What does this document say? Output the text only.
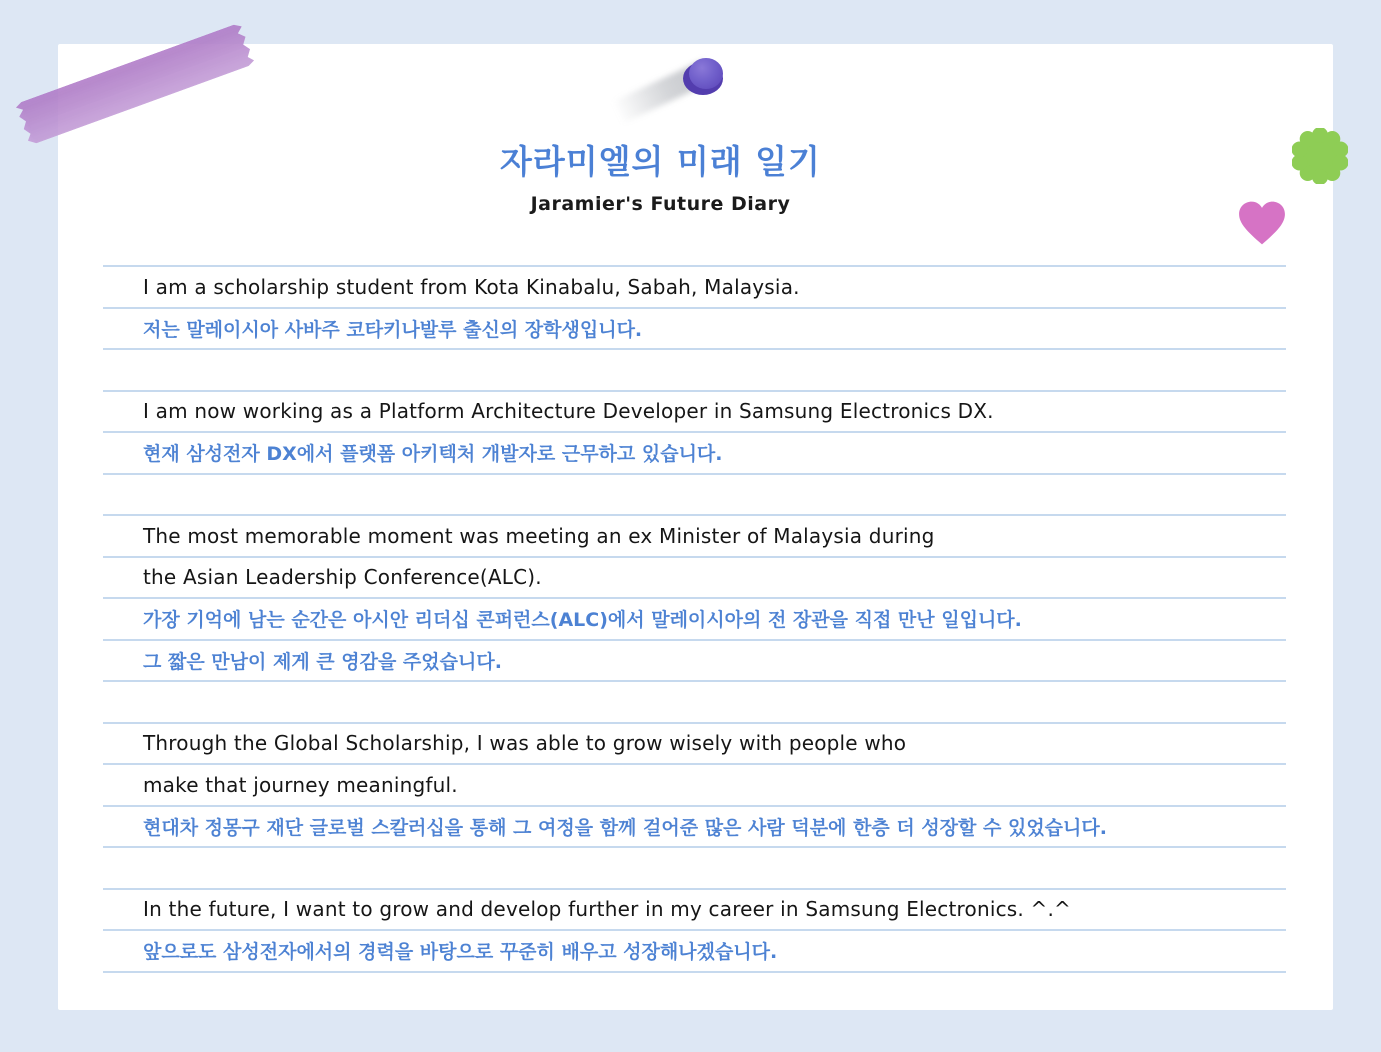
자라미엘의 미래 일기
Jaramier's Future Diary
I am a scholarship student from Kota Kinabalu, Sabah, Malaysia.
저는 말레이시아 사바주 코타키나발루 출신의 장학생입니다.
I am now working as a Platform Architecture Developer in Samsung Electronics DX.
현재 삼성전자 DX에서 플랫폼 아키텍처 개발자로 근무하고 있습니다.
The most memorable moment was meeting an ex Minister of Malaysia during
the Asian Leadership Conference(ALC).
가장 기억에 남는 순간은 아시안 리더십 콘퍼런스(ALC)에서 말레이시아의 전 장관을 직접 만난 일입니다.
그 짧은 만남이 제게 큰 영감을 주었습니다.
Through the Global Scholarship, I was able to grow wisely with people who
make that journey meaningful.
현대차 정몽구 재단 글로벌 스칼러십을 통해 그 여정을 함께 걸어준 많은 사람 덕분에 한층 더 성장할 수 있었습니다.
In the future, I want to grow and develop further in my career in Samsung Electronics. ^.^
앞으로도 삼성전자에서의 경력을 바탕으로 꾸준히 배우고 성장해나겠습니다.
